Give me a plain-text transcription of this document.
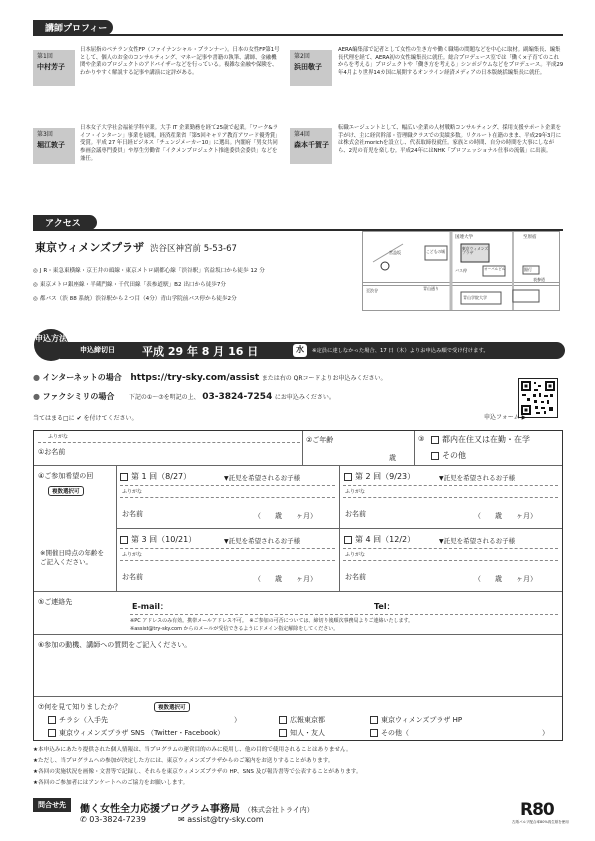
講師プロフィール
第1回
中村芳子
日本屈指のベテラン女性FP（ファイナンシャル・プランナー）。日本の女性FP第1号として、個人のお金のコンサルティング、マネー記事や書籍の執筆、講師、金融機関や企業のプロジェクトのアドバイザーなどを行っている。複雑な金融や保険を、わかりやすく解説する記事や講演に定評がある。
第2回
浜田敬子
AERA編集部で記者として女性の生き方や働く職場の問題などを中心に取材。副編集長、編集長代理を経て、AERA初の女性編集長に就任。総合プロデュース室では「働く×子育てのこれからを考える」プロジェクトや「働き方を考える」シンポジウムなどをプロデュース。平成29年4月より世界14カ国に展開するオンライン経済メディアの日本版統括編集長に就任。
第3回
堀江敦子
日本女子大学社会福祉学科卒業。大手 IT 企業勤務を経て25歳で起業。「ワーク&ライフ・インターン」事業を展開。経済産業省「第5回キャリア教育アワード優秀賞」受賞。平成 27 年日経ビジネス「チェンジメーカー10」に選出。内閣府「男女共同参画会議専門委員」や厚生労働省「イクメンプロジェクト推進委員会委員」などを兼任。
第4回
森本千賀子
転職エージェントとして、幅広い企業の人材戦略コンサルティング、採用支援サポート企業を手がけ、主に経営幹部・管理職クラスでの実績多数。リクルート在籍のまま、平成29年3月には株式会社morichを設立し、代表取締役就任。家族との時間、自分の時間を大事にしながら、2児の育児を楽しむ。平成24年にはNHK「プロフェッショナル仕事の流儀」に出演。
アクセス
東京ウィメンズプラザ 渋谷区神宮前 5-53-67
◎ J R・東急東横線・京王井の頭線・東京メトロ副都心線「渋谷駅」宮益坂口から徒歩 12 分
◎ 東京メトロ銀座線・半蔵門線・千代田線「表参道駅」B2 出口から徒歩7分
◎ 都バス（渋 88 系統）渋谷駅から２つ目（4分）青山学院前バス停から徒歩2分
国連大学	至原宿
こどもの城
東京ウィメンズプラザ
バス停
表参道
青山通り
至渋谷
青山学院大学
宮益坂
銀行
オーバルビル
申込締切日 平成 29 年 8 月 16 日	水	※定員に達しなかった場合、17 日（木）よりお申込み順で受け付けます。
申込方法
● インターネットの場合 https://try-sky.com/assist または右の QRコードよりお申込みください。
● ファクシミリの場合 下記の①～⑦を明記の上、 03-3824-7254 にお申込みください。
当てはまる□に ✔ を付けてください。	申込フォーム ▶
ふりがな
①お名前
②ご年齢
歳
③	都内在住又は在勤・在学
その他
④ご参加希望の回
複数選択可
※開催日時点の年齢をご記入ください。
第 1 回（8/27）	▼託児を希望されるお子様
ふりがな
お名前	（　　歳　　ヶ月）
第 2 回（9/23）	▼託児を希望されるお子様
ふりがな
お名前	（　　歳　　ヶ月）
第 3 回（10/21）	▼託児を希望されるお子様
ふりがな
お名前	（　　歳　　ヶ月）
第 4 回（12/2）	▼託児を希望されるお子様
ふりがな
お名前	（　　歳　　ヶ月）
⑤ご連絡先	E-mail：	Tel：
※PC アドレスのみ有効。携帯メールアドレス不可。　※ご参加の可否については、締切り後順次事務局よりご連絡いたします。
※assist@try-sky.com からのメールが受信できるようにドメイン指定解除をしてください。
⑥参加の動機、講師への質問をご記入ください。
⑦何を見て知りましたか？	複数選択可
チラシ（入手先	）	広報東京都	東京ウィメンズプラザ HP
東京ウィメンズプラザ SNS （Twitter・Facebook）	知人・友人	その他（	）
★本申込みにあたり提供された個人情報は、当プログラムの運営目的のみに使用し、他の目的で使用されることはありません。
★ただし、当プログラムへの参加が決定した方には、東京ウィメンズプラザからのご案内をお送りすることがあります。
★各回の実施状況を画像・文書等で記録し、それらを東京ウィメンズプラザの HP、SNS 及び報告書等で公表することがあります。
★各回のご参加者にはアンケートへのご協力をお願いします。
問合せ先	働く女性全力応援プログラム事務局 （株式会社トライ内）
✆ 03-3824-7239	✉ assist@try-sky.com	R80
古紙パルプ配合率80%再生紙を使用
